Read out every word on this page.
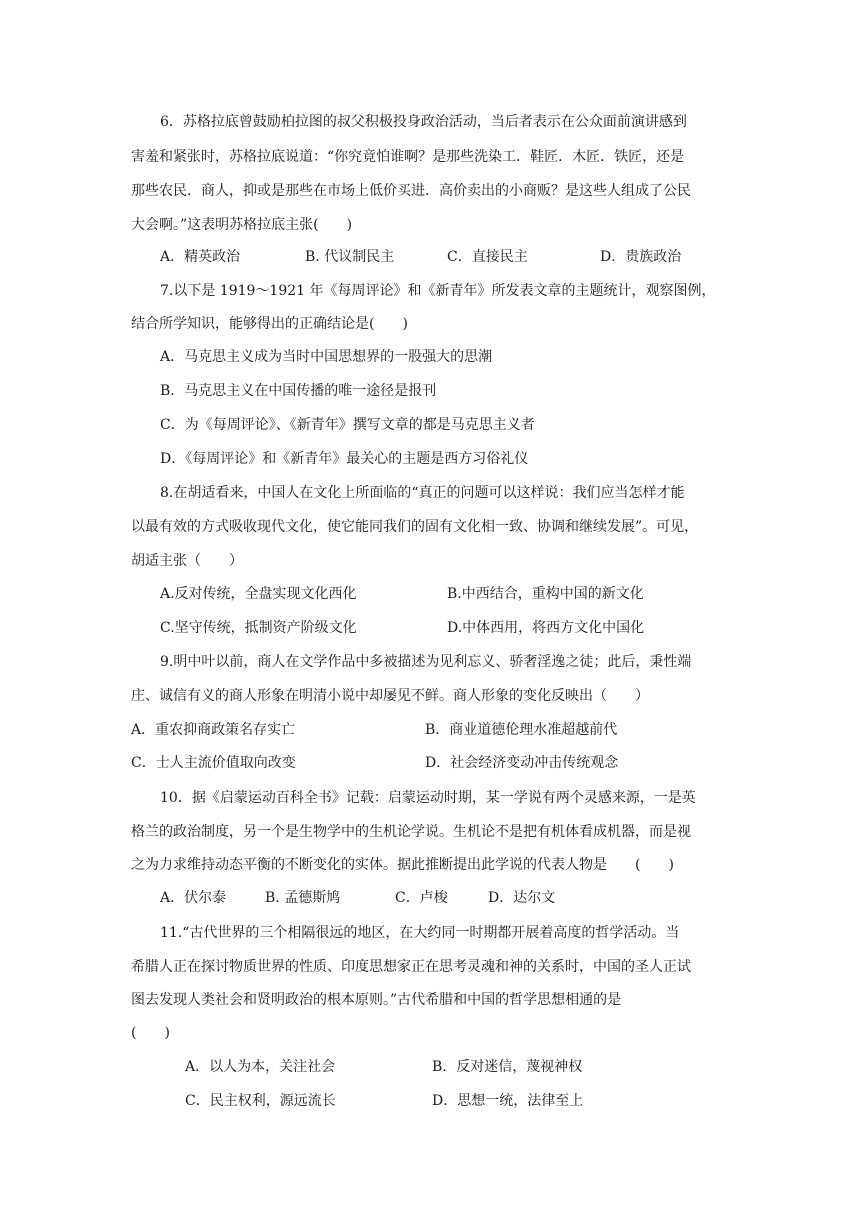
6．苏格拉底曾鼓励柏拉图的叔父积极投身政治活动，当后者表示在公众面前演讲感到
害羞和紧张时，苏格拉底说道：“你究竟怕谁啊？是那些洗染工．鞋匠．木匠．铁匠，还是
那些农民．商人，抑或是那些在市场上低价买进．高价卖出的小商贩？是这些人组成了公民
大会啊。”这表明苏格拉底主张(　　)
A．精英政治	B. 代议制民主	C．直接民主	D．贵族政治
7.以下是 1919～1921 年《每周评论》和《新青年》所发表文章的主题统计，观察图例，
结合所学知识，能够得出的正确结论是(　　)
A．马克思主义成为当时中国思想界的一股强大的思潮
B．马克思主义在中国传播的唯一途径是报刊
C．为《每周评论》、《新青年》撰写文章的都是马克思主义者
D．《每周评论》和《新青年》最关心的主题是西方习俗礼仪
8.在胡适看来，中国人在文化上所面临的“真正的问题可以这样说：我们应当怎样才能
以最有效的方式吸收现代文化，使它能同我们的固有文化相一致、协调和继续发展”。可见，
胡适主张（　　）
A.反对传统，全盘实现文化西化	B.中西结合，重构中国的新文化
C.坚守传统，抵制资产阶级文化	D.中体西用，将西方文化中国化
9.明中叶以前，商人在文学作品中多被描述为见利忘义、骄奢淫逸之徒；此后，秉性端
庄、诚信有义的商人形象在明清小说中却屡见不鲜。商人形象的变化反映出（　　）
A．重农抑商政策名存实亡	B．商业道德伦理水准超越前代
C．士人主流价值取向改变	D．社会经济变动冲击传统观念
10．据《启蒙运动百科全书》记载：启蒙运动时期，某一学说有两个灵感来源，一是英
格兰的政治制度，另一个是生物学中的生机论学说。生机论不是把有机体看成机器，而是视
之为力求维持动态平衡的不断变化的实体。据此推断提出此学说的代表人物是　　(　　)
A．伏尔泰	B. 孟德斯鸠	C．卢梭	D．达尔文
11.“古代世界的三个相隔很远的地区，在大约同一时期都开展着高度的哲学活动。当
希腊人正在探讨物质世界的性质、印度思想家正在思考灵魂和神的关系时，中国的圣人正试
图去发现人类社会和贤明政治的根本原则。”古代希腊和中国的哲学思想相通的是
(　　)
A．以人为本，关注社会	B．反对迷信，蔑视神权
C．民主权利，源远流长	D．思想一统，法律至上
